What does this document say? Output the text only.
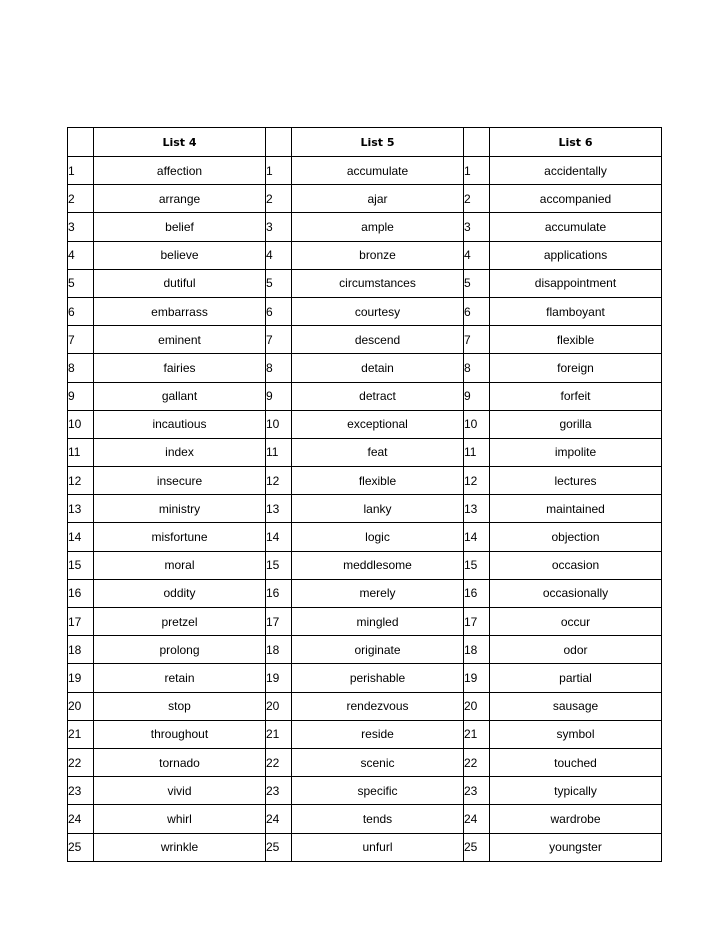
	List 4		List 5		List 6
1	affection	1	accumulate	1	accidentally
2	arrange	2	ajar	2	accompanied
3	belief	3	ample	3	accumulate
4	believe	4	bronze	4	applications
5	dutiful	5	circumstances	5	disappointment
6	embarrass	6	courtesy	6	flamboyant
7	eminent	7	descend	7	flexible
8	fairies	8	detain	8	foreign
9	gallant	9	detract	9	forfeit
10	incautious	10	exceptional	10	gorilla
11	index	11	feat	11	impolite
12	insecure	12	flexible	12	lectures
13	ministry	13	lanky	13	maintained
14	misfortune	14	logic	14	objection
15	moral	15	meddlesome	15	occasion
16	oddity	16	merely	16	occasionally
17	pretzel	17	mingled	17	occur
18	prolong	18	originate	18	odor
19	retain	19	perishable	19	partial
20	stop	20	rendezvous	20	sausage
21	throughout	21	reside	21	symbol
22	tornado	22	scenic	22	touched
23	vivid	23	specific	23	typically
24	whirl	24	tends	24	wardrobe
25	wrinkle	25	unfurl	25	youngster
